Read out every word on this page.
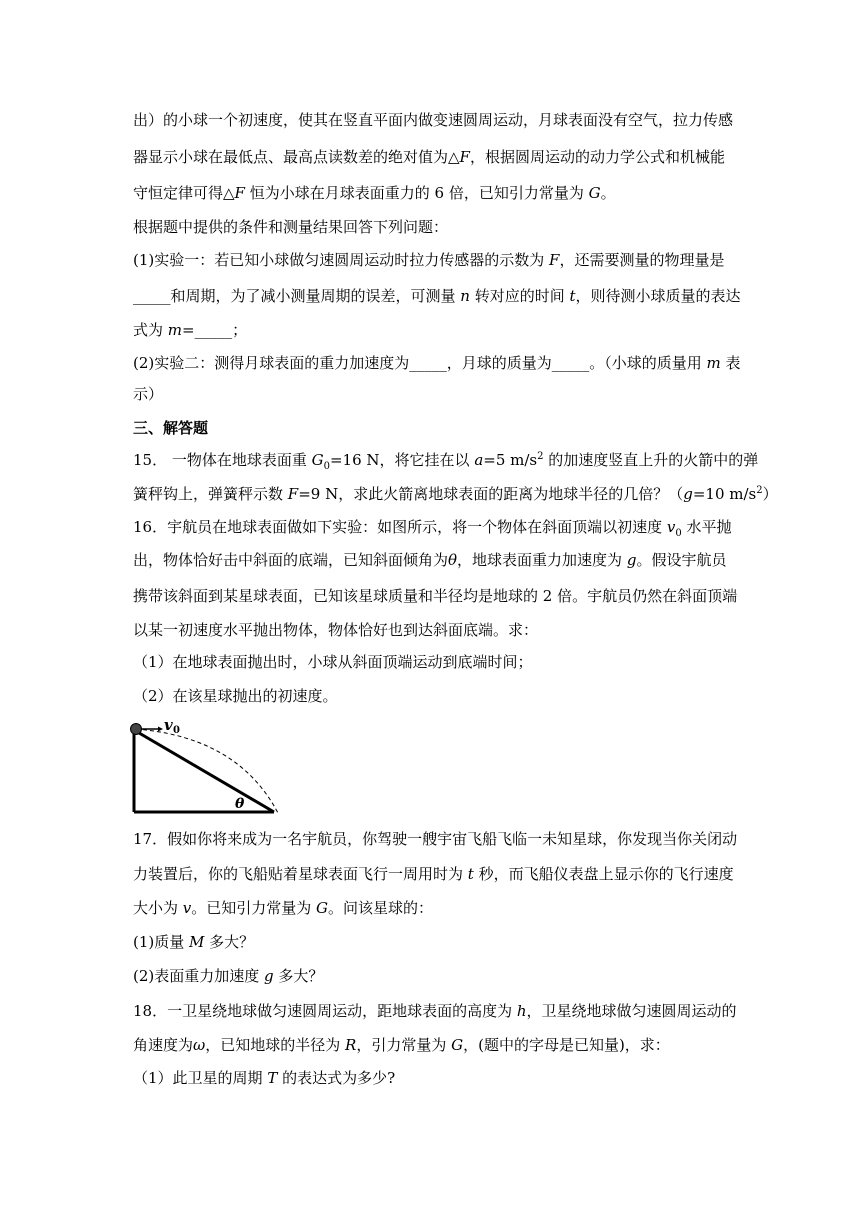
出）的小球一个初速度，使其在竖直平面内做变速圆周运动，月球表面没有空气，拉力传感
器显示小球在最低点、最高点读数差的绝对值为△F，根据圆周运动的动力学公式和机械能
守恒定律可得△F 恒为小球在月球表面重力的 6 倍，已知引力常量为 G。
根据题中提供的条件和测量结果回答下列问题：
(1)实验一：若已知小球做匀速圆周运动时拉力传感器的示数为 F，还需要测量的物理量是
_____和周期，为了减小测量周期的误差，可测量 n 转对应的时间 t，则待测小球质量的表达
式为 m=_____；
(2)实验二：测得月球表面的重力加速度为_____，月球的质量为_____。（小球的质量用 m 表
示）
三、解答题
15． 一物体在地球表面重 $G_0=16$ N，将它挂在以 a=5 $m/s^2$ 的加速度竖直上升的火箭中的弹
簧秤钩上，弹簧秤示数 F=9 N，求此火箭离地球表面的距离为地球半径的几倍？（g=10 $m/s^2$）
16．宇航员在地球表面做如下实验：如图所示，将一个物体在斜面顶端以初速度 $v_0$ 水平抛
出，物体恰好击中斜面的底端，已知斜面倾角为θ，地球表面重力加速度为 g。假设宇航员
携带该斜面到某星球表面，已知该星球质量和半径均是地球的 2 倍。宇航员仍然在斜面顶端
以某一初速度水平抛出物体，物体恰好也到达斜面底端。求：
（1）在地球表面抛出时，小球从斜面顶端运动到底端时间；
（2）在该星球抛出的初速度。
v 0
θ
17．假如你将来成为一名宇航员，你驾驶一艘宇宙飞船飞临一未知星球，你发现当你关闭动
力装置后，你的飞船贴着星球表面飞行一周用时为 t 秒，而飞船仪表盘上显示你的飞行速度
大小为 v。已知引力常量为 G。问该星球的：
(1)质量 M 多大？
(2)表面重力加速度 g 多大？
18．一卫星绕地球做匀速圆周运动，距地球表面的高度为 h，卫星绕地球做匀速圆周运动的
角速度为ω，已知地球的半径为 R，引力常量为 G，(题中的字母是已知量)，求：
（1）此卫星的周期 T 的表达式为多少?
